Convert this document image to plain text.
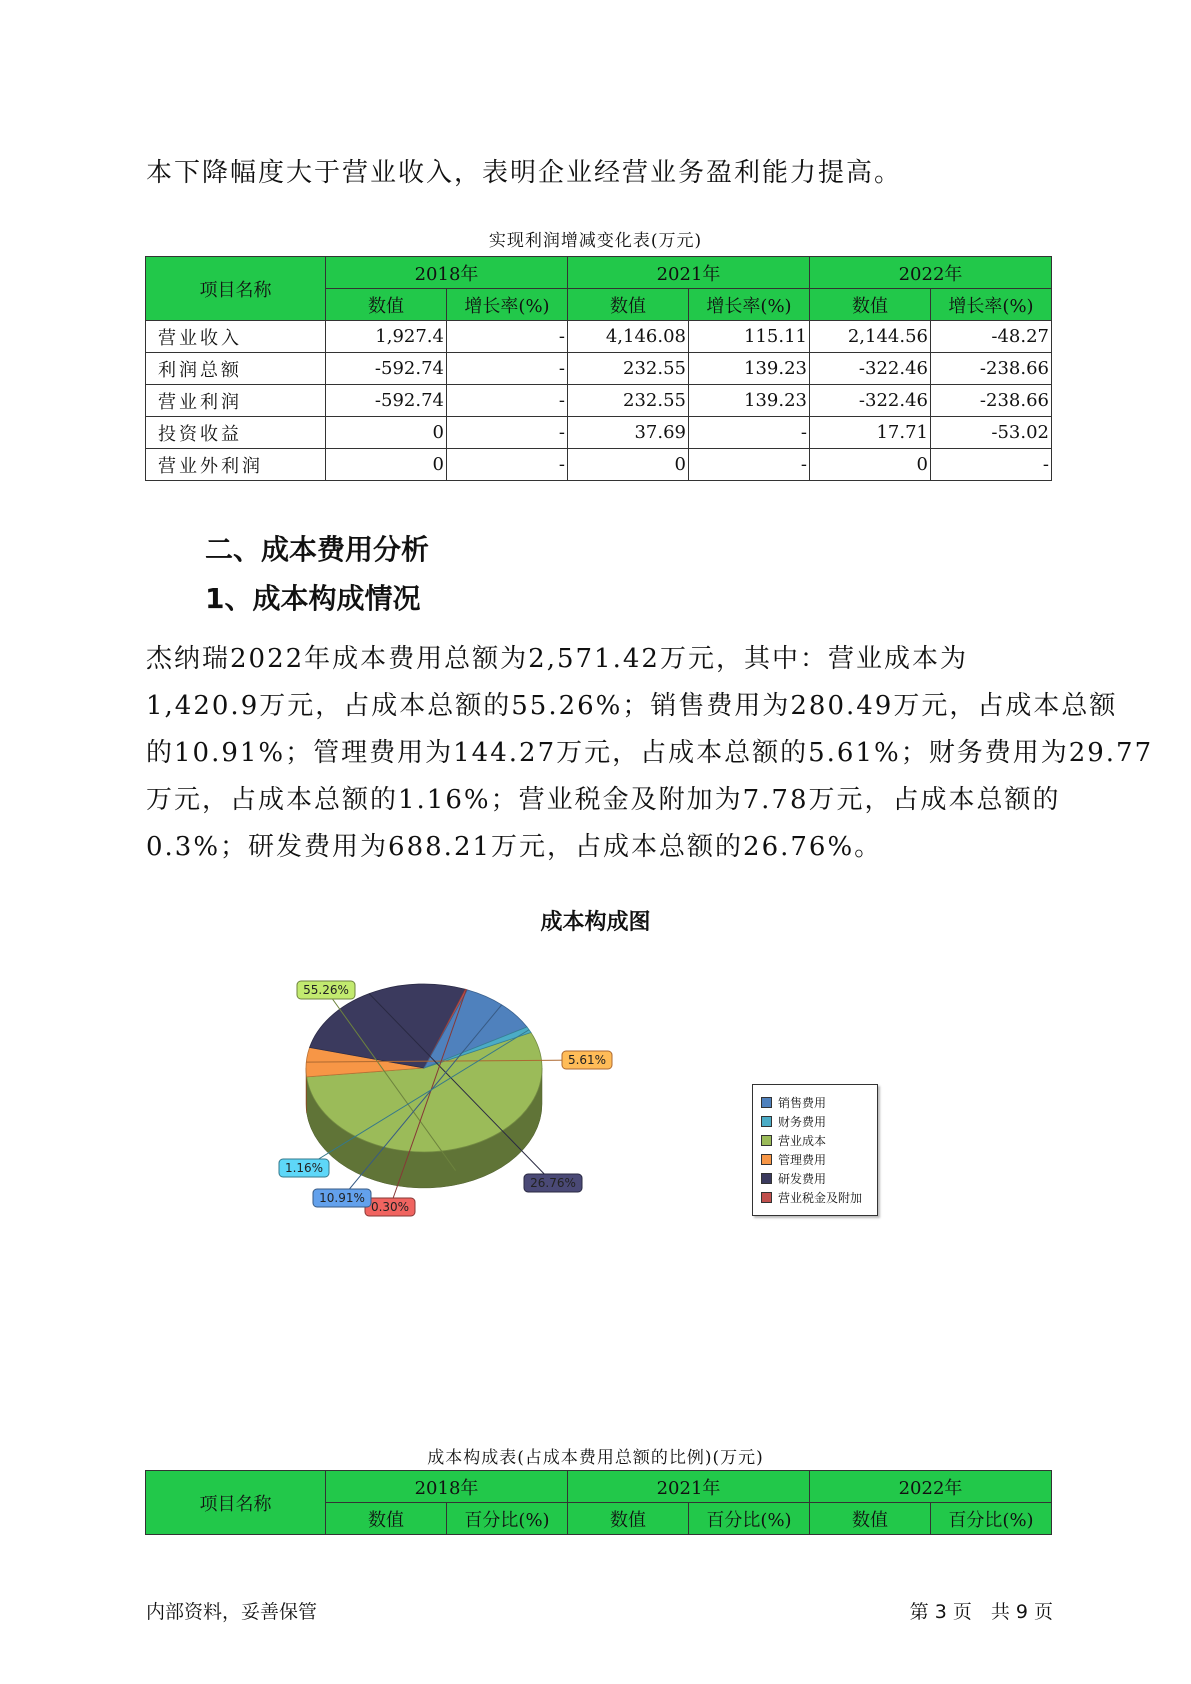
本下降幅度大于营业收入，表明企业经营业务盈利能力提高。
实现利润增减变化表(万元)
项目名称	2018年		2021年		2022年	
	数值	增长率(%)	数值	增长率(%)	数值	增长率(%)
营业收入	1,927.4	-	4,146.08	115.11	2,144.56	-48.27
利润总额	-592.74	-	232.55	139.23	-322.46	-238.66
营业利润	-592.74	-	232.55	139.23	-322.46	-238.66
投资收益	0	-	37.69	-	17.71	-53.02
营业外利润	0	-	0	-	0	-
二、成本费用分析
1、成本构成情况
杰纳瑞2022年成本费用总额为2,571.42万元，其中：营业成本为
1,420.9万元，占成本总额的55.26%；销售费用为280.49万元，占成本总额
的10.91%；管理费用为144.27万元，占成本总额的5.61%；财务费用为29.77
万元，占成本总额的1.16%；营业税金及附加为7.78万元，占成本总额的
0.3%；研发费用为688.21万元，占成本总额的26.76%。
成本构成图
55.26%
5.61%
26.76%
0.30%
10.91%
1.16%
销售费用
财务费用
营业成本
管理费用
研发费用
营业税金及附加
成本构成表(占成本费用总额的比例)(万元)
项目名称	2018年		2021年		2022年	
	数值	百分比(%)	数值	百分比(%)	数值	百分比(%)
内部资料，妥善保管	第 3 页　共 9 页
